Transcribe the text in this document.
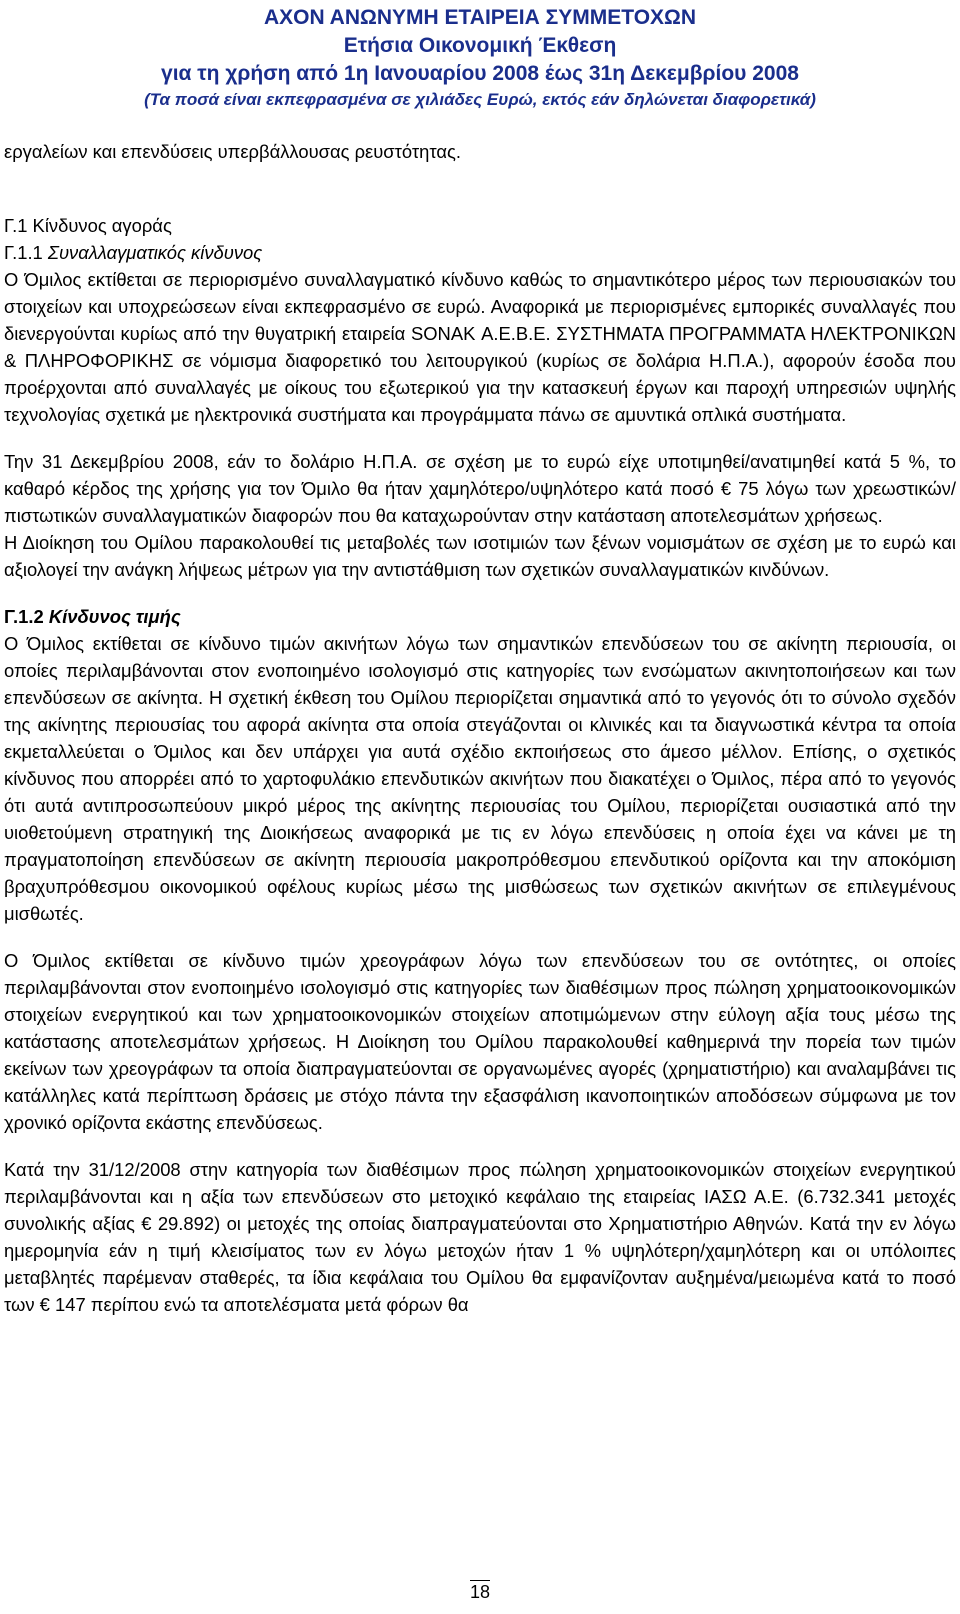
ΑΧΟΝ ΑΝΩΝΥΜΗ ΕΤΑΙΡΕΙΑ ΣΥΜΜΕΤΟΧΩΝ
Ετήσια Οικονομική Έκθεση
για τη χρήση από 1η Ιανουαρίου 2008 έως 31η Δεκεμβρίου 2008
(Τα ποσά είναι εκπεφρασμένα σε χιλιάδες Ευρώ, εκτός εάν δηλώνεται διαφορετικά)

εργαλείων και επενδύσεις υπερβάλλουσας ρευστότητας.

Γ.1 Κίνδυνος αγοράς

Γ.1.1 Συναλλαγματικός κίνδυνος

Ο Όμιλος εκτίθεται σε περιορισμένο συναλλαγματικό κίνδυνο καθώς το σημαντικότερο μέρος των περιουσιακών του στοιχείων και υποχρεώσεων είναι εκπεφρασμένο σε ευρώ. Αναφορικά με περιορισμένες εμπορικές συναλλαγές που διενεργούνται κυρίως από την θυγατρική εταιρεία SONAK Α.Ε.Β.Ε. ΣΥΣΤΗΜΑΤΑ ΠΡΟΓΡΑΜΜΑΤΑ ΗΛΕΚΤΡΟΝΙΚΩΝ & ΠΛΗΡΟΦΟΡΙΚΗΣ σε νόμισμα διαφορετικό του λειτουργικού (κυρίως σε δολάρια Η.Π.Α.), αφορούν έσοδα που προέρχονται από συναλλαγές με οίκους του εξωτερικού για την κατασκευή έργων και παροχή υπηρεσιών υψηλής τεχνολογίας σχετικά με ηλεκτρονικά συστήματα και προγράμματα πάνω σε αμυντικά οπλικά συστήματα.

Την 31 Δεκεμβρίου 2008, εάν το δολάριο Η.Π.Α. σε σχέση με το ευρώ είχε υποτιμηθεί/ανατιμηθεί κατά 5 %, το καθαρό κέρδος της χρήσης για τον Όμιλο θα ήταν χαμηλότερο/υψηλότερο κατά ποσό € 75 λόγω των χρεωστικών/πιστωτικών συναλλαγματικών διαφορών που θα καταχωρούνταν στην κατάσταση αποτελεσμάτων χρήσεως.

Η Διοίκηση του Ομίλου παρακολουθεί τις μεταβολές των ισοτιμιών των ξένων νομισμάτων σε σχέση με το ευρώ και αξιολογεί την ανάγκη λήψεως μέτρων για την αντιστάθμιση των σχετικών συναλλαγματικών κινδύνων.

Γ.1.2 Κίνδυνος τιμής

Ο Όμιλος εκτίθεται σε κίνδυνο τιμών ακινήτων λόγω των σημαντικών επενδύσεων του σε ακίνητη περιουσία, οι οποίες περιλαμβάνονται στον ενοποιημένο ισολογισμό στις κατηγορίες των ενσώματων ακινητοποιήσεων και των επενδύσεων σε ακίνητα. Η σχετική έκθεση του Ομίλου περιορίζεται σημαντικά από το γεγονός ότι το σύνολο σχεδόν της ακίνητης περιουσίας του αφορά ακίνητα στα οποία στεγάζονται οι κλινικές και τα διαγνωστικά κέντρα τα οποία εκμεταλλεύεται ο Όμιλος και δεν υπάρχει για αυτά σχέδιο εκποιήσεως στο άμεσο μέλλον. Επίσης, ο σχετικός κίνδυνος που απορρέει από το χαρτοφυλάκιο επενδυτικών ακινήτων που διακατέχει ο Όμιλος, πέρα από το γεγονός ότι αυτά αντιπροσωπεύουν μικρό μέρος της ακίνητης περιουσίας του Ομίλου, περιορίζεται ουσιαστικά από την υιοθετούμενη στρατηγική της Διοικήσεως αναφορικά με τις εν λόγω επενδύσεις η οποία έχει να κάνει με τη πραγματοποίηση επενδύσεων σε ακίνητη περιουσία μακροπρόθεσμου επενδυτικού ορίζοντα και την αποκόμιση βραχυπρόθεσμου οικονομικού οφέλους κυρίως μέσω της μισθώσεως των σχετικών ακινήτων σε επιλεγμένους μισθωτές.

Ο Όμιλος εκτίθεται σε κίνδυνο τιμών χρεογράφων λόγω των επενδύσεων του σε οντότητες, οι οποίες περιλαμβάνονται στον ενοποιημένο ισολογισμό στις κατηγορίες των διαθέσιμων προς πώληση χρηματοοικονομικών στοιχείων ενεργητικού και των χρηματοοικονομικών στοιχείων αποτιμώμενων στην εύλογη αξία τους μέσω της κατάστασης αποτελεσμάτων χρήσεως. Η Διοίκηση του Ομίλου παρακολουθεί καθημερινά την πορεία των τιμών εκείνων των χρεογράφων τα οποία διαπραγματεύονται σε οργανωμένες αγορές (χρηματιστήριο) και αναλαμβάνει τις κατάλληλες κατά περίπτωση δράσεις με στόχο πάντα την εξασφάλιση ικανοποιητικών αποδόσεων σύμφωνα με τον χρονικό ορίζοντα εκάστης επενδύσεως.

Κατά την 31/12/2008 στην κατηγορία των διαθέσιμων προς πώληση χρηματοοικονομικών στοιχείων ενεργητικού περιλαμβάνονται και η αξία των επενδύσεων στο μετοχικό κεφάλαιο της εταιρείας ΙΑΣΩ Α.Ε. (6.732.341 μετοχές συνολικής αξίας € 29.892) οι μετοχές της οποίας διαπραγματεύονται στο Χρηματιστήριο Αθηνών. Κατά την εν λόγω ημερομηνία εάν η τιμή κλεισίματος των εν λόγω μετοχών ήταν 1 % υψηλότερη/χαμηλότερη και οι υπόλοιπες μεταβλητές παρέμεναν σταθερές, τα ίδια κεφάλαια του Ομίλου θα εμφανίζονταν αυξημένα/μειωμένα κατά το ποσό των € 147 περίπου ενώ τα αποτελέσματα μετά φόρων θα

18
